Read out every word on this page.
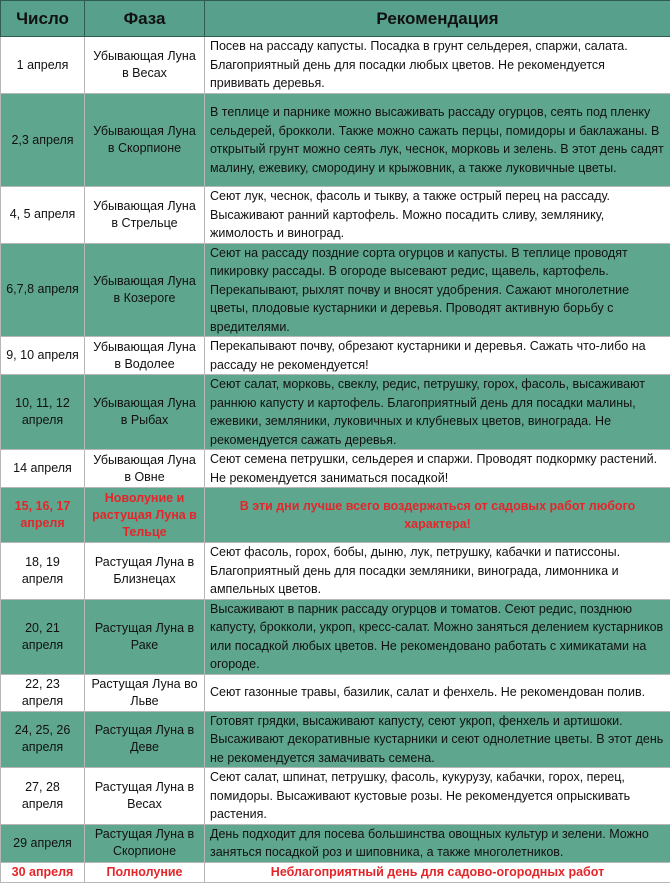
Число	Фаза	Рекомендация
1 апреля	Убывающая Луна в Весах	Посев на рассаду капусты. Посадка в грунт сельдерея, спаржи, салата. Благоприятный день для посадки любых цветов. Не рекомендуется прививать деревья.
2,3 апреля	Убывающая Луна в Скорпионе	В теплице и парнике можно высаживать рассаду огурцов, сеять под пленку сельдерей, брокколи. Также можно сажать перцы, помидоры и баклажаны. В открытый грунт можно сеять лук, чеснок, морковь и зелень. В этот день садят малину, ежевику, смородину и крыжовник, а также луковичные цветы.
4, 5 апреля	Убывающая Луна в Стрельце	Сеют лук, чеснок, фасоль и тыкву, а также острый перец на рассаду. Высаживают ранний картофель. Можно посадить сливу, землянику, жимолость и виноград.
6,7,8 апреля	Убывающая Луна в Козероге	Сеют на рассаду поздние сорта огурцов и капусты. В теплице проводят пикировку рассады. В огороде высевают редис, щавель, картофель. Перекапывают, рыхлят почву и вносят удобрения. Сажают многолетние цветы, плодовые кустарники и деревья. Проводят активную борьбу с вредителями.
9, 10 апреля	Убывающая Луна в Водолее	Перекапывают почву, обрезают кустарники и деревья. Сажать что-либо на рассаду не рекомендуется!
10, 11, 12 апреля	Убывающая Луна в Рыбах	Сеют салат, морковь, свеклу, редис, петрушку, горох, фасоль, высаживают раннюю капусту и картофель. Благоприятный день для посадки малины, ежевики, земляники, луковичных и клубневых цветов, винограда. Не рекомендуется сажать деревья.
14 апреля	Убывающая Луна в Овне	Сеют семена петрушки, сельдерея и спаржи. Проводят подкормку растений. Не рекомендуется заниматься посадкой!
15, 16, 17 апреля	Новолуние и растущая Луна в Тельце	В эти дни лучше всего воздержаться от садовых работ любого характера!
18, 19 апреля	Растущая Луна в Близнецах	Сеют фасоль, горох, бобы, дыню, лук, петрушку, кабачки и патиссоны. Благоприятный день для посадки земляники, винограда, лимонника и ампельных цветов.
20, 21 апреля	Растущая Луна в Раке	Высаживают в парник рассаду огурцов и томатов. Сеют редис, позднюю капусту, брокколи, укроп, кресс-салат. Можно заняться делением кустарников или посадкой любых цветов. Не рекомендовано работать с химикатами на огороде.
22, 23 апреля	Растущая Луна во Льве	Сеют газонные травы, базилик, салат и фенхель. Не рекомендован полив.
24, 25, 26 апреля	Растущая Луна в Деве	Готовят грядки, высаживают капусту, сеют укроп, фенхель и артишоки. Высаживают декоративные кустарники и сеют однолетние цветы. В этот день не рекомендуется замачивать семена.
27, 28 апреля	Растущая Луна в Весах	Сеют салат, шпинат, петрушку, фасоль, кукурузу, кабачки, горох, перец, помидоры. Высаживают кустовые розы. Не рекомендуется опрыскивать растения.
29 апреля	Растущая Луна в Скорпионе	День подходит для посева большинства овощных культур и зелени. Можно заняться посадкой роз и шиповника, а также многолетников.
30 апреля	Полнолуние	Неблагоприятный день для садово-огородных работ
